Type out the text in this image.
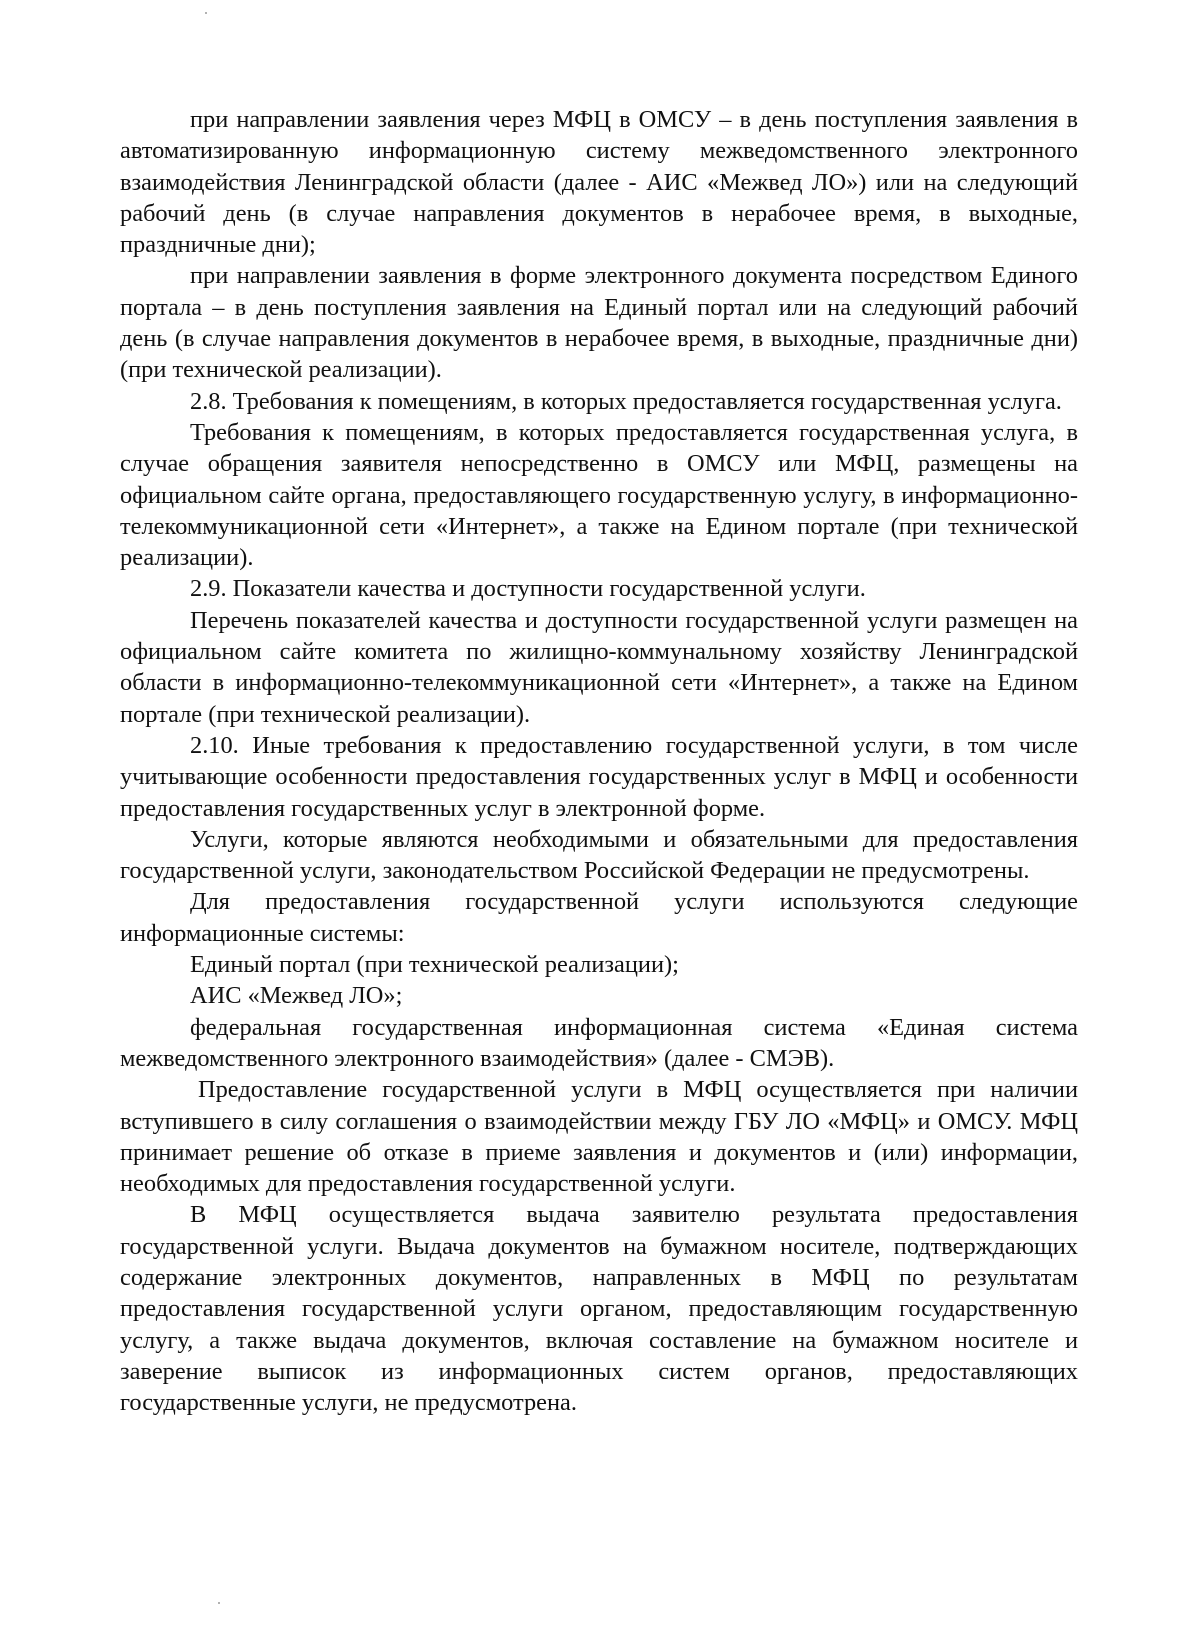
при направлении заявления через МФЦ в ОМСУ – в день поступления заявления в автоматизированную информационную систему межведомственного электронного взаимодействия Ленинградской области (далее - АИС «Межвед ЛО») или на следующий рабочий день (в случае направления документов в нерабочее время, в выходные, праздничные дни);

при направлении заявления в форме электронного документа посредством Единого портала – в день поступления заявления на Единый портал или на следующий рабочий день (в случае направления документов в нерабочее время, в выходные, праздничные дни) (при технической реализации).

2.8. Требования к помещениям, в которых предоставляется государственная услуга.

Требования к помещениям, в которых предоставляется государственная услуга, в случае обращения заявителя непосредственно в ОМСУ или МФЦ, размещены на официальном сайте органа, предоставляющего государственную услугу, в информационно-телекоммуникационной сети «Интернет», а также на Едином портале (при технической реализации).

2.9. Показатели качества и доступности государственной услуги.

Перечень показателей качества и доступности государственной услуги размещен на официальном сайте комитета по жилищно-коммунальному хозяйству Ленинградской области в информационно-телекоммуникационной сети «Интернет», а также на Едином портале (при технической реализации).

2.10. Иные требования к предоставлению государственной услуги, в том числе учитывающие особенности предоставления государственных услуг в МФЦ и особенности предоставления государственных услуг в электронной форме.

Услуги, которые являются необходимыми и обязательными для предоставления государственной услуги, законодательством Российской Федерации не предусмотрены.

Для предоставления государственной услуги используются следующие информационные системы:

Единый портал (при технической реализации);

АИС «Межвед ЛО»;

федеральная государственная информационная система «Единая система межведомственного электронного взаимодействия» (далее - СМЭВ).

Предоставление государственной услуги в МФЦ осуществляется при наличии вступившего в силу соглашения о взаимодействии между ГБУ ЛО «МФЦ» и ОМСУ. МФЦ принимает решение об отказе в приеме заявления и документов и (или) информации, необходимых для предоставления государственной услуги.

В МФЦ осуществляется выдача заявителю результата предоставления государственной услуги. Выдача документов на бумажном носителе, подтверждающих содержание электронных документов, направленных в МФЦ по результатам предоставления государственной услуги органом, предоставляющим государственную услугу, а также выдача документов, включая составление на бумажном носителе и заверение выписок из информационных систем органов, предоставляющих государственные услуги, не предусмотрена.
